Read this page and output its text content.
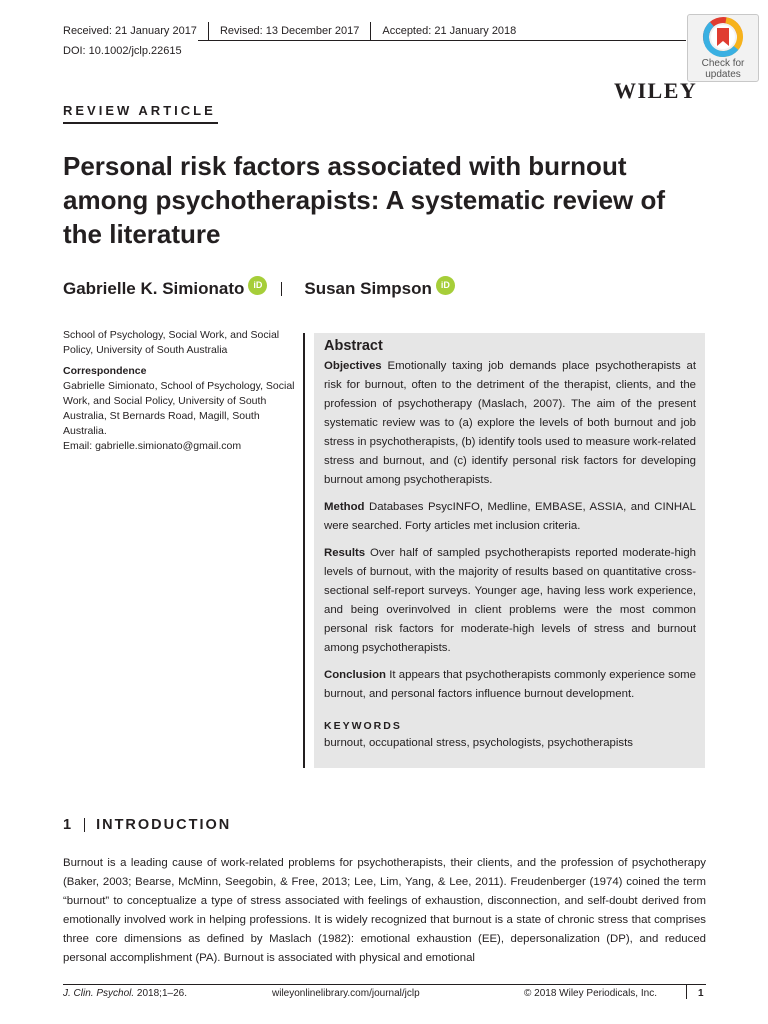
Received: 21 January 2017 Revised: 13 December 2017 Accepted: 21 January 2018
DOI: 10.1002/jclp.22615
Check for
updates
WILEY
REVIEW ARTICLE
Personal risk factors associated with burnout among psychotherapists: A systematic review of the literature
Gabrielle K. Simionato	iD Susan Simpson	iD
School of Psychology, Social Work, and Social Policy, University of South Australia
Correspondence
Gabrielle Simionato, School of Psychology, Social Work, and Social Policy, University of South Australia, St Bernards Road, Magill, South Australia.
Email: gabrielle.simionato@gmail.com
Abstract

Objectives Emotionally taxing job demands place psychotherapists at risk for burnout, often to the detriment of the therapist, clients, and the profession of psychotherapy (Maslach, 2007). The aim of the present systematic review was to (a) explore the levels of both burnout and job stress in psychotherapists, (b) identify tools used to measure work-related stress and burnout, and (c) identify personal risk factors for developing burnout among psychotherapists.

Method Databases PsycINFO, Medline, EMBASE, ASSIA, and CINHAL were searched. Forty articles met inclusion criteria.

Results Over half of sampled psychotherapists reported moderate-high levels of burnout, with the majority of results based on quantitative cross-sectional self-report surveys. Younger age, having less work experience, and being overinvolved in client problems were the most common personal risk factors for moderate-high levels of stress and burnout among psychotherapists.

Conclusion It appears that psychotherapists commonly experience some burnout, and personal factors influence burnout development.

KEYWORDS
burnout, occupational stress, psychologists, psychotherapists
1 INTRODUCTION
Burnout is a leading cause of work-related problems for psychotherapists, their clients, and the profession of psychotherapy (Baker, 2003; Bearse, McMinn, Seegobin, & Free, 2013; Lee, Lim, Yang, & Lee, 2011). Freudenberger (1974) coined the term “burnout” to conceptualize a type of stress associated with feelings of exhaustion, disconnection, and self-doubt derived from emotionally involved work in helping professions. It is widely recognized that burnout is a state of chronic stress that comprises three core dimensions as defined by Maslach (1982): emotional exhaustion (EE), depersonalization (DP), and reduced personal accomplishment (PA). Burnout is associated with physical and emotional
J. Clin. Psychol. 2018;1–26.	wileyonlinelibrary.com/journal/jclp	© 2018 Wiley Periodicals, Inc.	1
